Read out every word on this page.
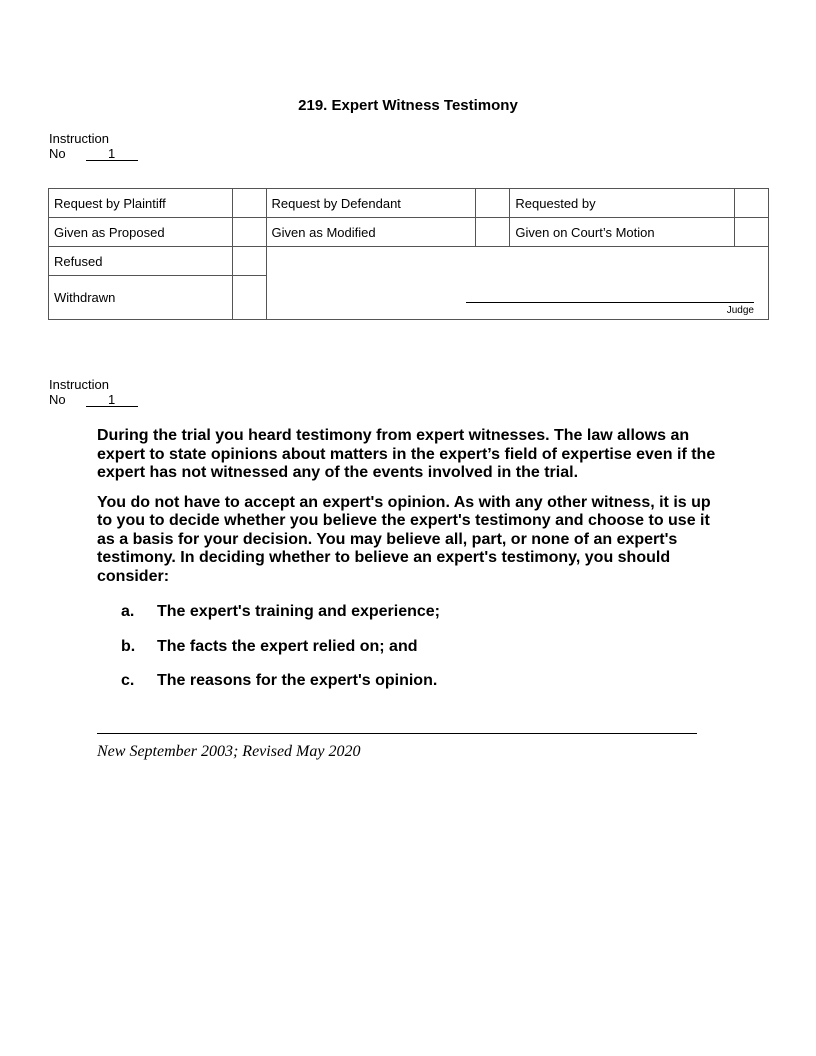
219. Expert Witness Testimony
Instruction
No	1
Request by Plaintiff		Request by Defendant		Requested by	
Given as Proposed		Given as Modified		Given on Court’s Motion	
Refused		Judge			

Withdrawn					
Instruction
No	1

During the trial you heard testimony from expert witnesses. The law allows an expert to state opinions about matters in the expert’s field of expertise even if the expert has not witnessed any of the events involved in the trial.

You do not have to accept an expert's opinion. As with any other witness, it is up to you to decide whether you believe the expert's testimony and choose to use it as a basis for your decision. You may believe all, part, or none of an expert's testimony. In deciding whether to believe an expert's testimony, you should consider:

a.	The expert's training and experience;
b.	The facts the expert relied on; and
c.	The reasons for the expert's opinion.
New September 2003; Revised May 2020
